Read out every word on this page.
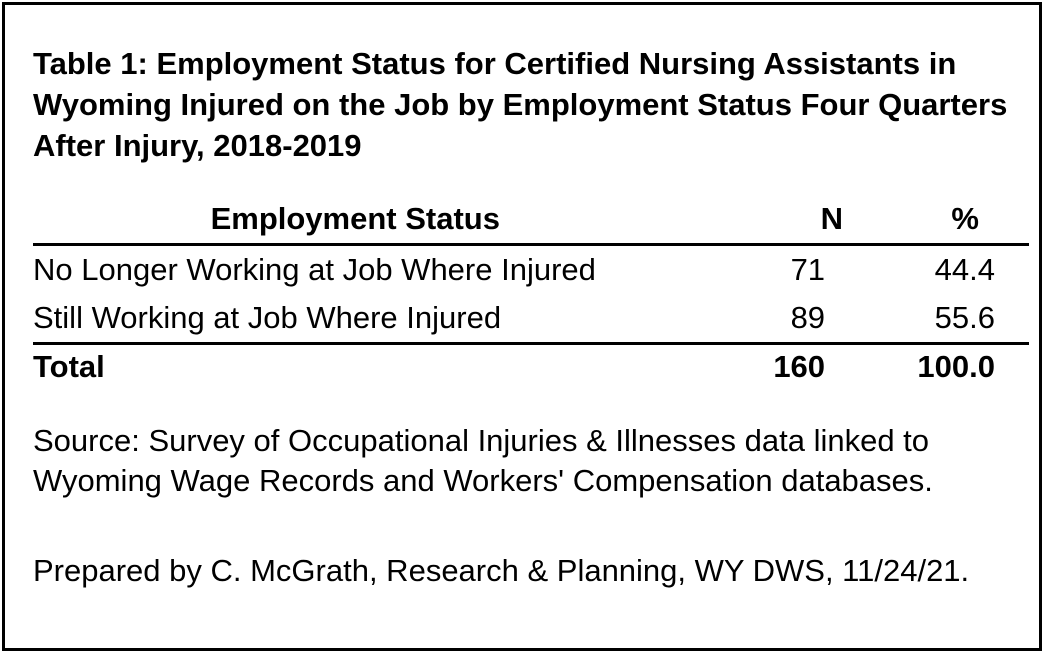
Table 1: Employment Status for Certified Nursing Assistants in Wyoming Injured on the Job by Employment Status Four Quarters After Injury, 2018-2019
Employment Status	N	%
No Longer Working at Job Where Injured	71	44.4
Still Working at Job Where Injured	89	55.6
Total	160	100.0

Source: Survey of Occupational Injuries & Illnesses data linked to Wyoming Wage Records and Workers' Compensation databases.

Prepared by C. McGrath, Research & Planning, WY DWS, 11/24/21.
